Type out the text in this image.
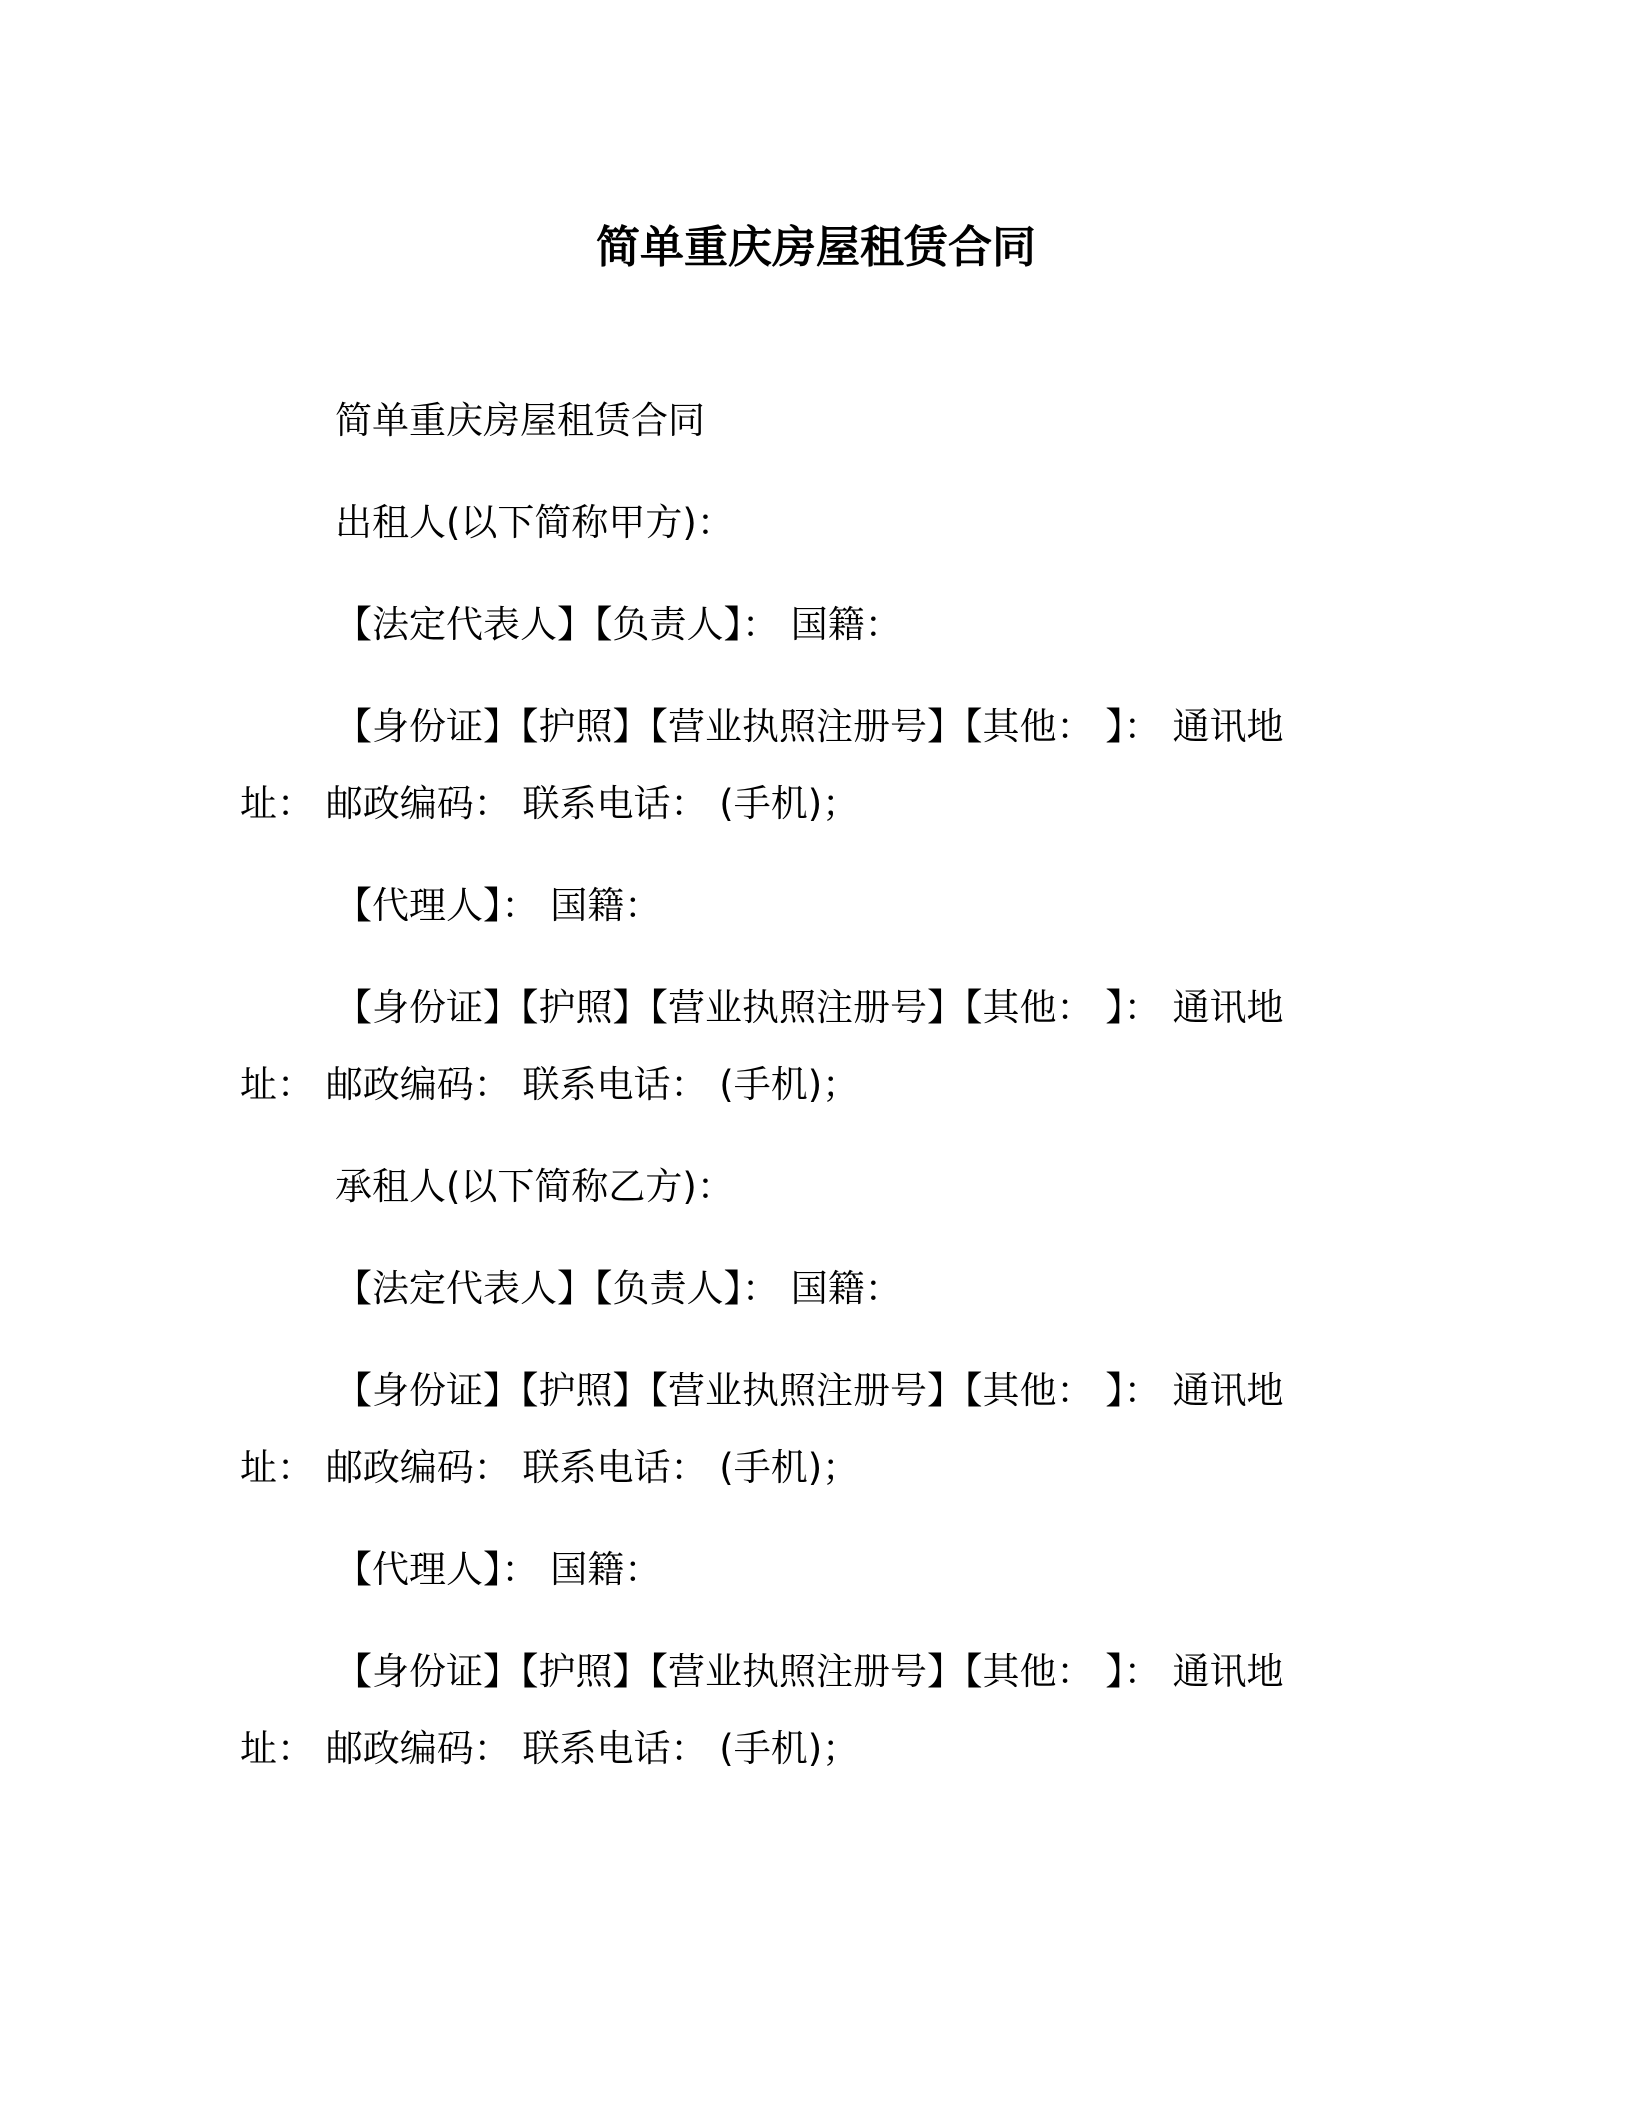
简单重庆房屋租赁合同
简单重庆房屋租赁合同
出租人(以下简称甲方)：
【法定代表人】【负责人】： 国籍：
【身份证】【护照】【营业执照注册号】【其他： 】： 通讯地
址： 邮政编码： 联系电话： (手机)；
【代理人】： 国籍：
【身份证】【护照】【营业执照注册号】【其他： 】： 通讯地
址： 邮政编码： 联系电话： (手机)；
承租人(以下简称乙方)：
【法定代表人】【负责人】： 国籍：
【身份证】【护照】【营业执照注册号】【其他： 】： 通讯地
址： 邮政编码： 联系电话： (手机)；
【代理人】： 国籍：
【身份证】【护照】【营业执照注册号】【其他： 】： 通讯地
址： 邮政编码： 联系电话： (手机)；
